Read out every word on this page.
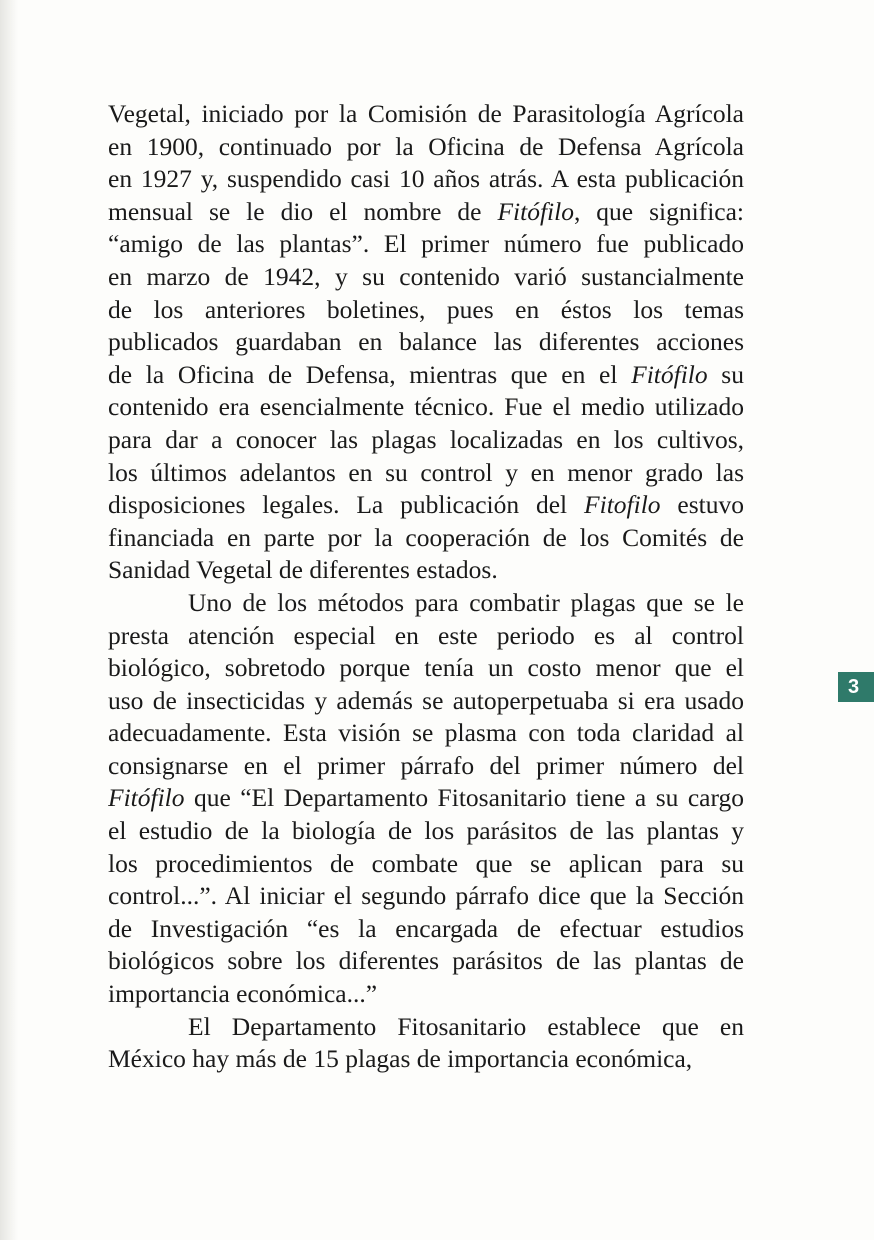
Vegetal, iniciado por la Comisión de Parasitología Agrícola
en 1900, continuado por la Oficina de Defensa Agrícola
en 1927 y, suspendido casi 10 años atrás. A esta publicación
mensual se le dio el nombre de Fitófilo, que significa:
“amigo de las plantas”. El primer número fue publicado
en marzo de 1942, y su contenido varió sustancialmente
de los anteriores boletines, pues en éstos los temas
publicados guardaban en balance las diferentes acciones
de la Oficina de Defensa, mientras que en el Fitófilo su
contenido era esencialmente técnico. Fue el medio utilizado
para dar a conocer las plagas localizadas en los cultivos,
los últimos adelantos en su control y en menor grado las
disposiciones legales. La publicación del Fitofilo estuvo
financiada en parte por la cooperación de los Comités de
Sanidad Vegetal de diferentes estados.
Uno de los métodos para combatir plagas que se le
presta atención especial en este periodo es al control
biológico, sobretodo porque tenía un costo menor que el
uso de insecticidas y además se autoperpetuaba si era usado
adecuadamente. Esta visión se plasma con toda claridad al
consignarse en el primer párrafo del primer número del
Fitófilo que “El Departamento Fitosanitario tiene a su cargo
el estudio de la biología de los parásitos de las plantas y
los procedimientos de combate que se aplican para su
control...”. Al iniciar el segundo párrafo dice que la Sección
de Investigación “es la encargada de efectuar estudios
biológicos sobre los diferentes parásitos de las plantas de
importancia económica...”
El Departamento Fitosanitario establece que en
México hay más de 15 plagas de importancia económica,
3
